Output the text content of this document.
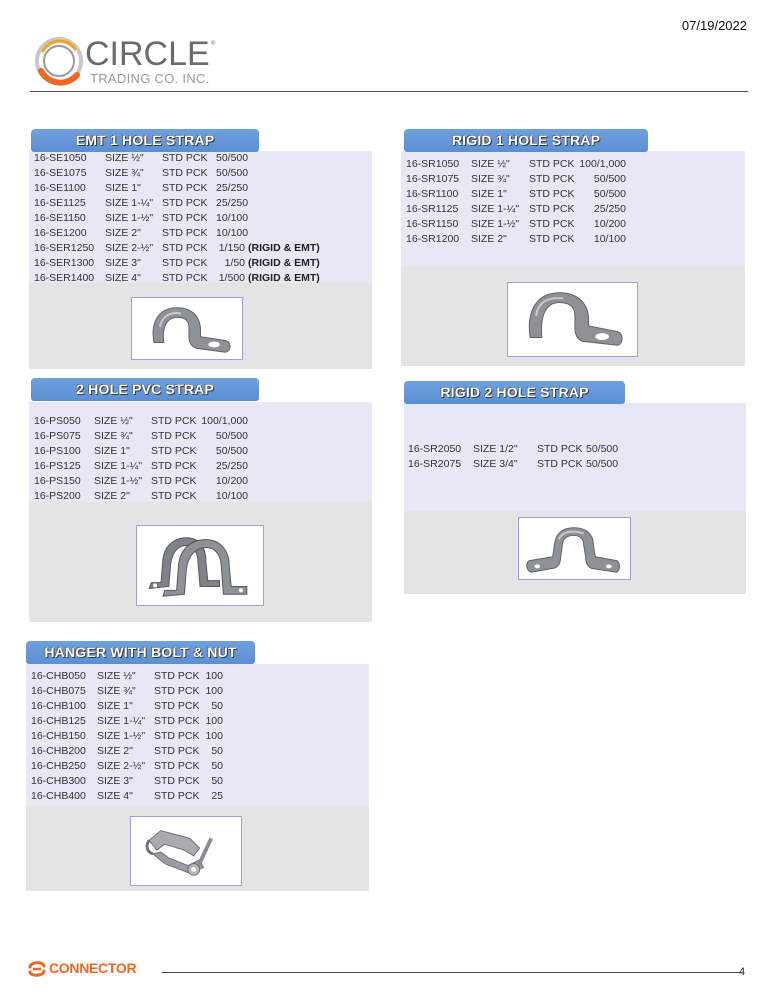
07/19/2022
CIRCLE ®
TRADING CO. INC.
EMT 1 HOLE STRAP
16-SE1050 SIZE ½" STD PCK 50/500
16-SE1075 SIZE ¾" STD PCK 50/500
16-SE1100 SIZE 1" STD PCK 25/250
16-SE1125 SIZE 1-¼" STD PCK 25/250
16-SE1150 SIZE 1-½" STD PCK 10/100
16-SE1200 SIZE 2" STD PCK 10/100
16-SER1250 SIZE 2-½" STD PCK	1/150 (RIGID & EMT)
16-SER1300 SIZE 3" STD PCK	1/50 (RIGID & EMT)
16-SER1400 SIZE 4" STD PCK	1/500 (RIGID & EMT)
RIGID 1 HOLE STRAP
16-SR1050 SIZE ½" STD PCK 100/1,000
16-SR1075 SIZE ¾" STD PCK	50/500
16-SR1100 SIZE 1" STD PCK	50/500
16-SR1125 SIZE 1-¼" STD PCK	25/250
16-SR1150 SIZE 1-½" STD PCK	10/200
16-SR1200 SIZE 2" STD PCK	10/100
2 HOLE PVC STRAP
16-PS050 SIZE ½" STD PCK 100/1,000
16-PS075 SIZE ¾" STD PCK	50/500
16-PS100 SIZE 1" STD PCK	50/500
16-PS125 SIZE 1-¼" STD PCK	25/250
16-PS150 SIZE 1-½" STD PCK	10/200
16-PS200 SIZE 2" STD PCK	10/100
RIGID 2 HOLE STRAP
16-SR2050 SIZE 1/2" STD PCK 50/500
16-SR2075 SIZE 3/4" STD PCK 50/500
HANGER WITH BOLT & NUT
16-CHB050 SIZE ½" STD PCK 100
16-CHB075 SIZE ¾" STD PCK 100
16-CHB100 SIZE 1" STD PCK	50
16-CHB125 SIZE 1-¼" STD PCK 100
16-CHB150 SIZE 1-½" STD PCK 100
16-CHB200 SIZE 2" STD PCK	50
16-CHB250 SIZE 2-½" STD PCK	50
16-CHB300 SIZE 3" STD PCK	50
16-CHB400 SIZE 4" STD PCK	25
CONNECTOR	4
